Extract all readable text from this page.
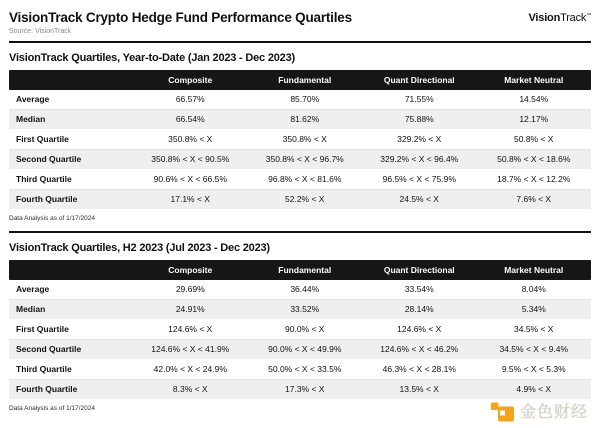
VisionTrack Crypto Hedge Fund Performance Quartiles
Source: VisionTrack
VisionTrack™
VisionTrack Quartiles, Year-to-Date (Jan 2023 - Dec 2023)
Composite	Fundamental	Quant Directional	Market Neutral
Average	66.57%	85.70%	71.55%	14.54%
Median	66.54%	81.62%	75.88%	12.17%
First Quartile	350.8% < X	350.8% < X	329.2% < X	50.8% < X
Second Quartile	350.8% < X < 90.5%	350.8% < X < 96.7%	329.2% < X < 96.4%	50.8% < X < 18.6%
Third Quartile	90.6% < X < 66.5%	96.8% < X < 81.6%	96.5% < X < 75.9%	18.7% < X < 12.2%
Fourth Quartile	17.1% < X	52.2% < X	24.5% < X	7.6% < X
Data Analysis as of 1/17/2024
VisionTrack Quartiles, H2 2023 (Jul 2023 - Dec 2023)
Composite	Fundamental	Quant Directional	Market Neutral
Average	29.69%	36.44%	33.54%	8.04%
Median	24.91%	33.52%	28.14%	5.34%
First Quartile	124.6% < X	90.0% < X	124.6% < X	34.5% < X
Second Quartile	124.6% < X < 41.9%	90.0% < X < 49.9%	124.6% < X < 46.2%	34.5% < X < 9.4%
Third Quartile	42.0% < X < 24.9%	50.0% < X < 33.5%	46.3% < X < 28.1%	9.5% < X < 5.3%
Fourth Quartile	8.3% < X	17.3% < X	13.5% < X	4.9% < X
Data Analysis as of 1/17/2024	金色财经
